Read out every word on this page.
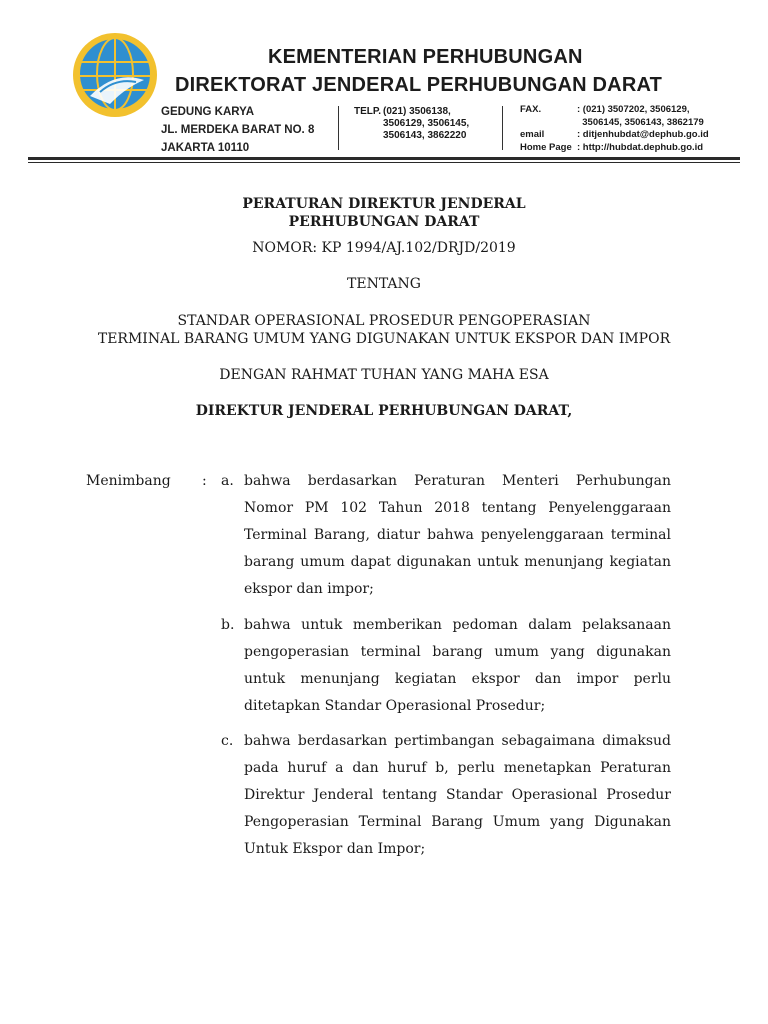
KEMENTERIAN PERHUBUNGAN
DIREKTORAT JENDERAL PERHUBUNGAN DARAT
GEDUNG KARYA
JL. MERDEKA BARAT NO. 8
JAKARTA 10110
TELP. (021) 3506138,
3506129, 3506145,
3506143, 3862220
FAX.

email
Home Page
: (021) 3507202, 3506129,
3506145, 3506143, 3862179
: ditjenhubdat@dephub.go.id
: http://hubdat.dephub.go.id
PERATURAN DIREKTUR JENDERAL
PERHUBUNGAN DARAT
NOMOR: KP 1994/AJ.102/DRJD/2019
TENTANG
STANDAR OPERASIONAL PROSEDUR PENGOPERASIAN
TERMINAL BARANG UMUM YANG DIGUNAKAN UNTUK EKSPOR DAN IMPOR
DENGAN RAHMAT TUHAN YANG MAHA ESA
DIREKTUR JENDERAL PERHUBUNGAN DARAT,
Menimbang : a. bahwa berdasarkan Peraturan Menteri Perhubungan Nomor PM 102 Tahun 2018 tentang Penyelenggaraan Terminal Barang, diatur bahwa penyelenggaraan terminal barang umum dapat digunakan untuk menunjang kegiatan ekspor dan impor;
b. bahwa untuk memberikan pedoman dalam pelaksanaan pengoperasian terminal barang umum yang digunakan untuk menunjang kegiatan ekspor dan impor perlu ditetapkan Standar Operasional Prosedur;
c. bahwa berdasarkan pertimbangan sebagaimana dimaksud pada huruf a dan huruf b, perlu menetapkan Peraturan Direktur Jenderal tentang Standar Operasional Prosedur Pengoperasian Terminal Barang Umum yang Digunakan Untuk Ekspor dan Impor;
